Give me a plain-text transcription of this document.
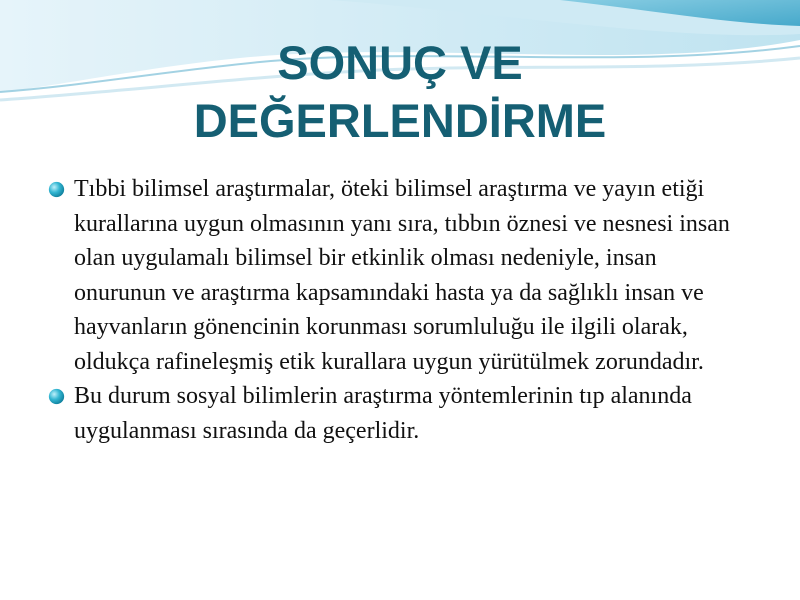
SONUÇ VE
DEĞERLENDİRME
Tıbbi bilimsel araştırmalar, öteki bilimsel araştırma ve yayın etiği kurallarına uygun olmasının yanı sıra, tıbbın öznesi ve nesnesi insan olan uygulamalı bilimsel bir etkinlik olması nedeniyle, insan onurunun ve araştırma kapsamındaki hasta ya da sağlıklı insan ve hayvanların gönencinin korunması sorumluluğu ile ilgili olarak, oldukça rafineleşmiş etik kurallara uygun yürütülmek zorundadır.
Bu durum sosyal bilimlerin araştırma yöntemlerinin tıp alanında uygulanması sırasında da geçerlidir.
